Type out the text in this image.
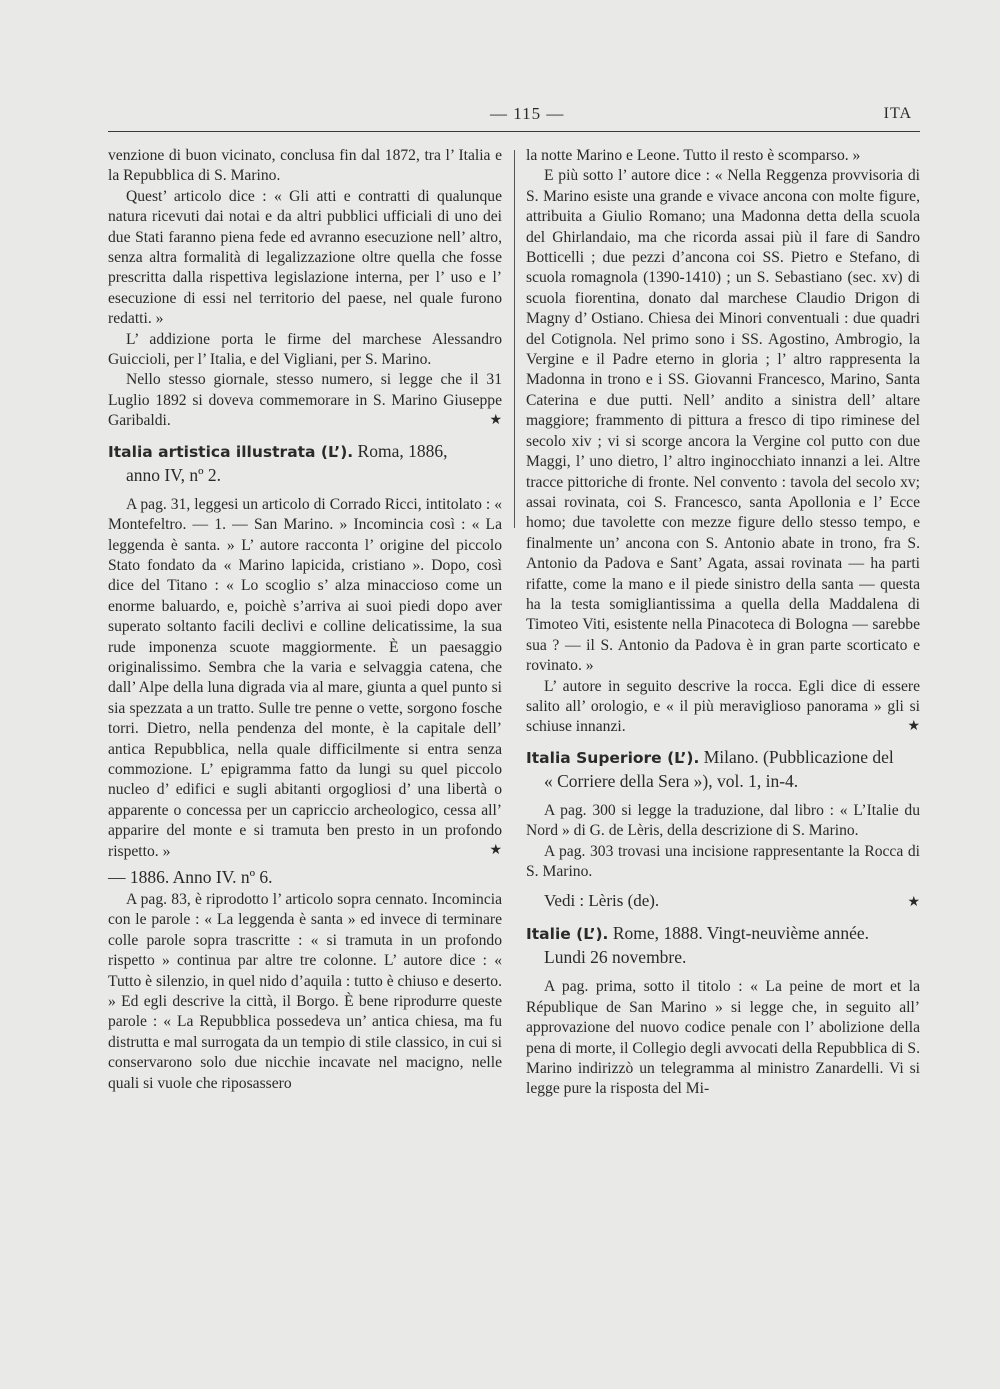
— 115 —	ITA

venzione di buon vicinato, conclusa fin dal 1872, tra l’ Italia e la Repubblica di S. Marino.

Quest’ articolo dice : « Gli atti e contratti di qualunque natura ricevuti dai notai e da altri pubblici ufficiali di uno dei due Stati faranno piena fede ed avranno esecuzione nell’ altro, senza altra formalità di legalizzazione oltre quella che fosse prescritta dalla rispettiva legislazione interna, per l’ uso e l’ esecuzione di essi nel territorio del paese, nel quale furono redatti. »

L’ addizione porta le firme del marchese Alessandro Guiccioli, per l’ Italia, e del Vigliani, per S. Marino.

Nello stesso giornale, stesso numero, si legge che il 31 Luglio 1892 si doveva commemorare in S. Marino Giuseppe Garibaldi.	★
Italia artistica illustrata (L’). Roma, 1886,
anno IV, nº 2.

A pag. 31, leggesi un articolo di Corrado Ricci, intitolato : « Montefeltro. — 1. — San Marino. » Incomincia così : « La leggenda è santa. » L’ autore racconta l’ origine del piccolo Stato fondato da « Marino lapicida, cristiano ». Dopo, così dice del Titano : « Lo scoglio s’ alza minaccioso come un enorme baluardo, e, poichè s’arriva ai suoi piedi dopo aver superato soltanto facili declivi e colline delicatissime, la sua rude imponenza scuote maggiormente. È un paesaggio originalissimo. Sembra che la varia e selvaggia catena, che dall’ Alpe della luna digrada via al mare, giunta a quel punto si sia spezzata a un tratto. Sulle tre penne o vette, sorgono fosche torri. Dietro, nella pendenza del monte, è la capitale dell’ antica Repubblica, nella quale difficilmente si entra senza commozione. L’ epigramma fatto da lungi su quel piccolo nucleo d’ edifici e sugli abitanti orgogliosi d’ una libertà o apparente o concessa per un capriccio archeologico, cessa all’ apparire del monte e si tramuta ben presto in un profondo rispetto. »	★

— 1886. Anno IV. nº 6.

A pag. 83, è riprodotto l’ articolo sopra cennato. Incomincia con le parole : « La leggenda è santa » ed invece di terminare colle parole sopra trascritte : « si tramuta in un profondo rispetto » continua par altre tre colonne. L’ autore dice : « Tutto è silenzio, in quel nido d’aquila : tutto è chiuso e deserto. » Ed egli descrive la città, il Borgo. È bene riprodurre queste parole : « La Repubblica possedeva un’ antica chiesa, ma fu distrutta e mal surrogata da un tempio di stile classico, in cui si conservarono solo due nicchie incavate nel macigno, nelle quali si vuole che riposassero

la notte Marino e Leone. Tutto il resto è scomparso. »

E più sotto l’ autore dice : « Nella Reggenza provvisoria di S. Marino esiste una grande e vivace ancona con molte figure, attribuita a Giulio Romano; una Madonna detta della scuola del Ghirlandaio, ma che ricorda assai più il fare di Sandro Botticelli ; due pezzi d’ancona coi SS. Pietro e Stefano, di scuola romagnola (1390-1410) ; un S. Sebastiano (sec. xv) di scuola fiorentina, donato dal marchese Claudio Drigon di Magny d’ Ostiano. Chiesa dei Minori conventuali : due quadri del Cotignola. Nel primo sono i SS. Agostino, Ambrogio, la Vergine e il Padre eterno in gloria ; l’ altro rappresenta la Madonna in trono e i SS. Giovanni Francesco, Marino, Santa Caterina e due putti. Nell’ andito a sinistra dell’ altare maggiore; frammento di pittura a fresco di tipo riminese del secolo xiv ; vi si scorge ancora la Vergine col putto con due Maggi, l’ uno dietro, l’ altro inginocchiato innanzi a lei. Altre tracce pittoriche di fronte. Nel convento : tavola del secolo xv; assai rovinata, coi S. Francesco, santa Apollonia e l’ Ecce homo; due tavolette con mezze figure dello stesso tempo, e finalmente un’ ancona con S. Antonio abate in trono, fra S. Antonio da Padova e Sant’ Agata, assai rovinata — ha parti rifatte, come la mano e il piede sinistro della santa — questa ha la testa somigliantissima a quella della Maddalena di Timoteo Viti, esistente nella Pinacoteca di Bologna — sarebbe sua ? — il S. Antonio da Padova è in gran parte scorticato e rovinato. »

L’ autore in seguito descrive la rocca. Egli dice di essere salito all’ orologio, e « il più meraviglioso panorama » gli si schiuse innanzi.	★
Italia Superiore (L’). Milano. (Pubblicazione del
« Corriere della Sera »), vol. 1, in-4.

A pag. 300 si legge la traduzione, dal libro : « L’Italie du Nord » di G. de Lèris, della descrizione di S. Marino.

A pag. 303 trovasi una incisione rappresentante la Rocca di S. Marino.

Vedi : Lèris (de).	★
Italie (L’). Rome, 1888. Vingt-neuvième année.
Lundi 26 novembre.

A pag. prima, sotto il titolo : « La peine de mort et la République de San Marino » si legge che, in seguito all’ approvazione del nuovo codice penale con l’ abolizione della pena di morte, il Collegio degli avvocati della Repubblica di S. Marino indirizzò un telegramma al ministro Zanardelli. Vi si legge pure la risposta del Mi-
